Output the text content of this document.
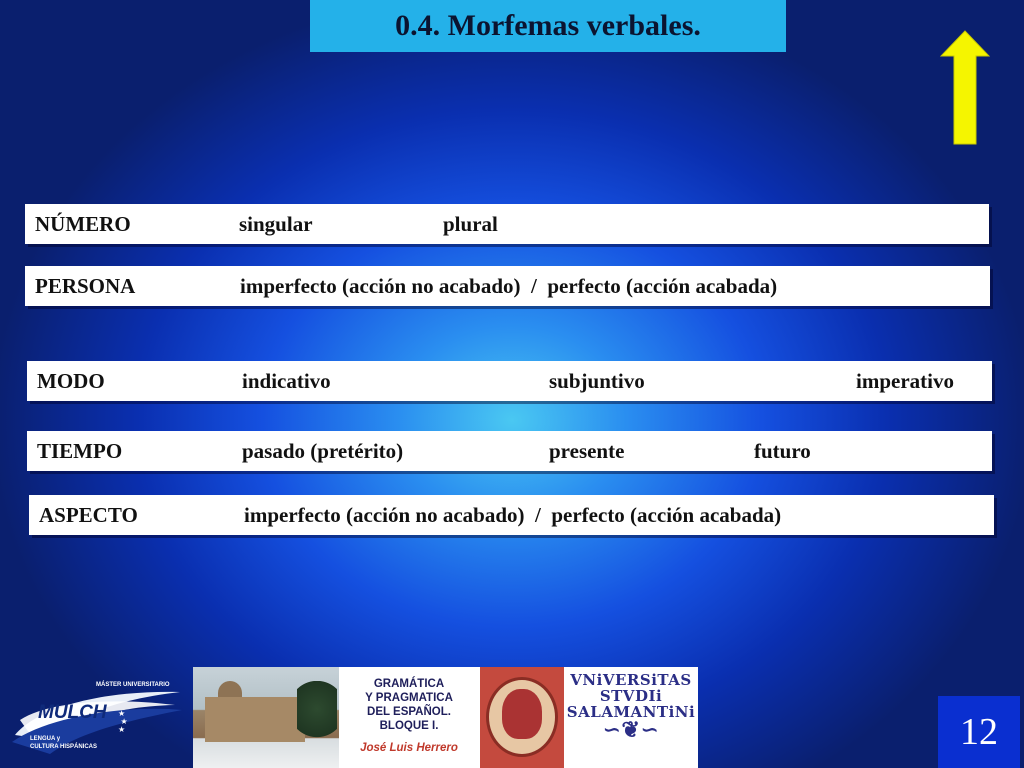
0.4. Morfemas verbales.
NÚMERO	singular	plural
PERSONA	imperfecto (acción no acabado)  /  perfecto (acción acabada)
MODO	indicativo	subjuntivo	imperativo
TIEMPO	pasado (pretérito)	presente	futuro
ASPECTO	imperfecto (acción no acabado)  /  perfecto (acción acabada)
MÁSTER UNIVERSITARIO
MULCH
LENGUA y
CULTURA HISPÁNICAS
★
★
★
GRAMÁTICA
Y PRAGMATICA
DEL ESPAÑOL.
BLOQUE I.
José Luis Herrero
VNiVERSiTAS
STVDIi
SALAMANTiNi
∽❦∽	12
